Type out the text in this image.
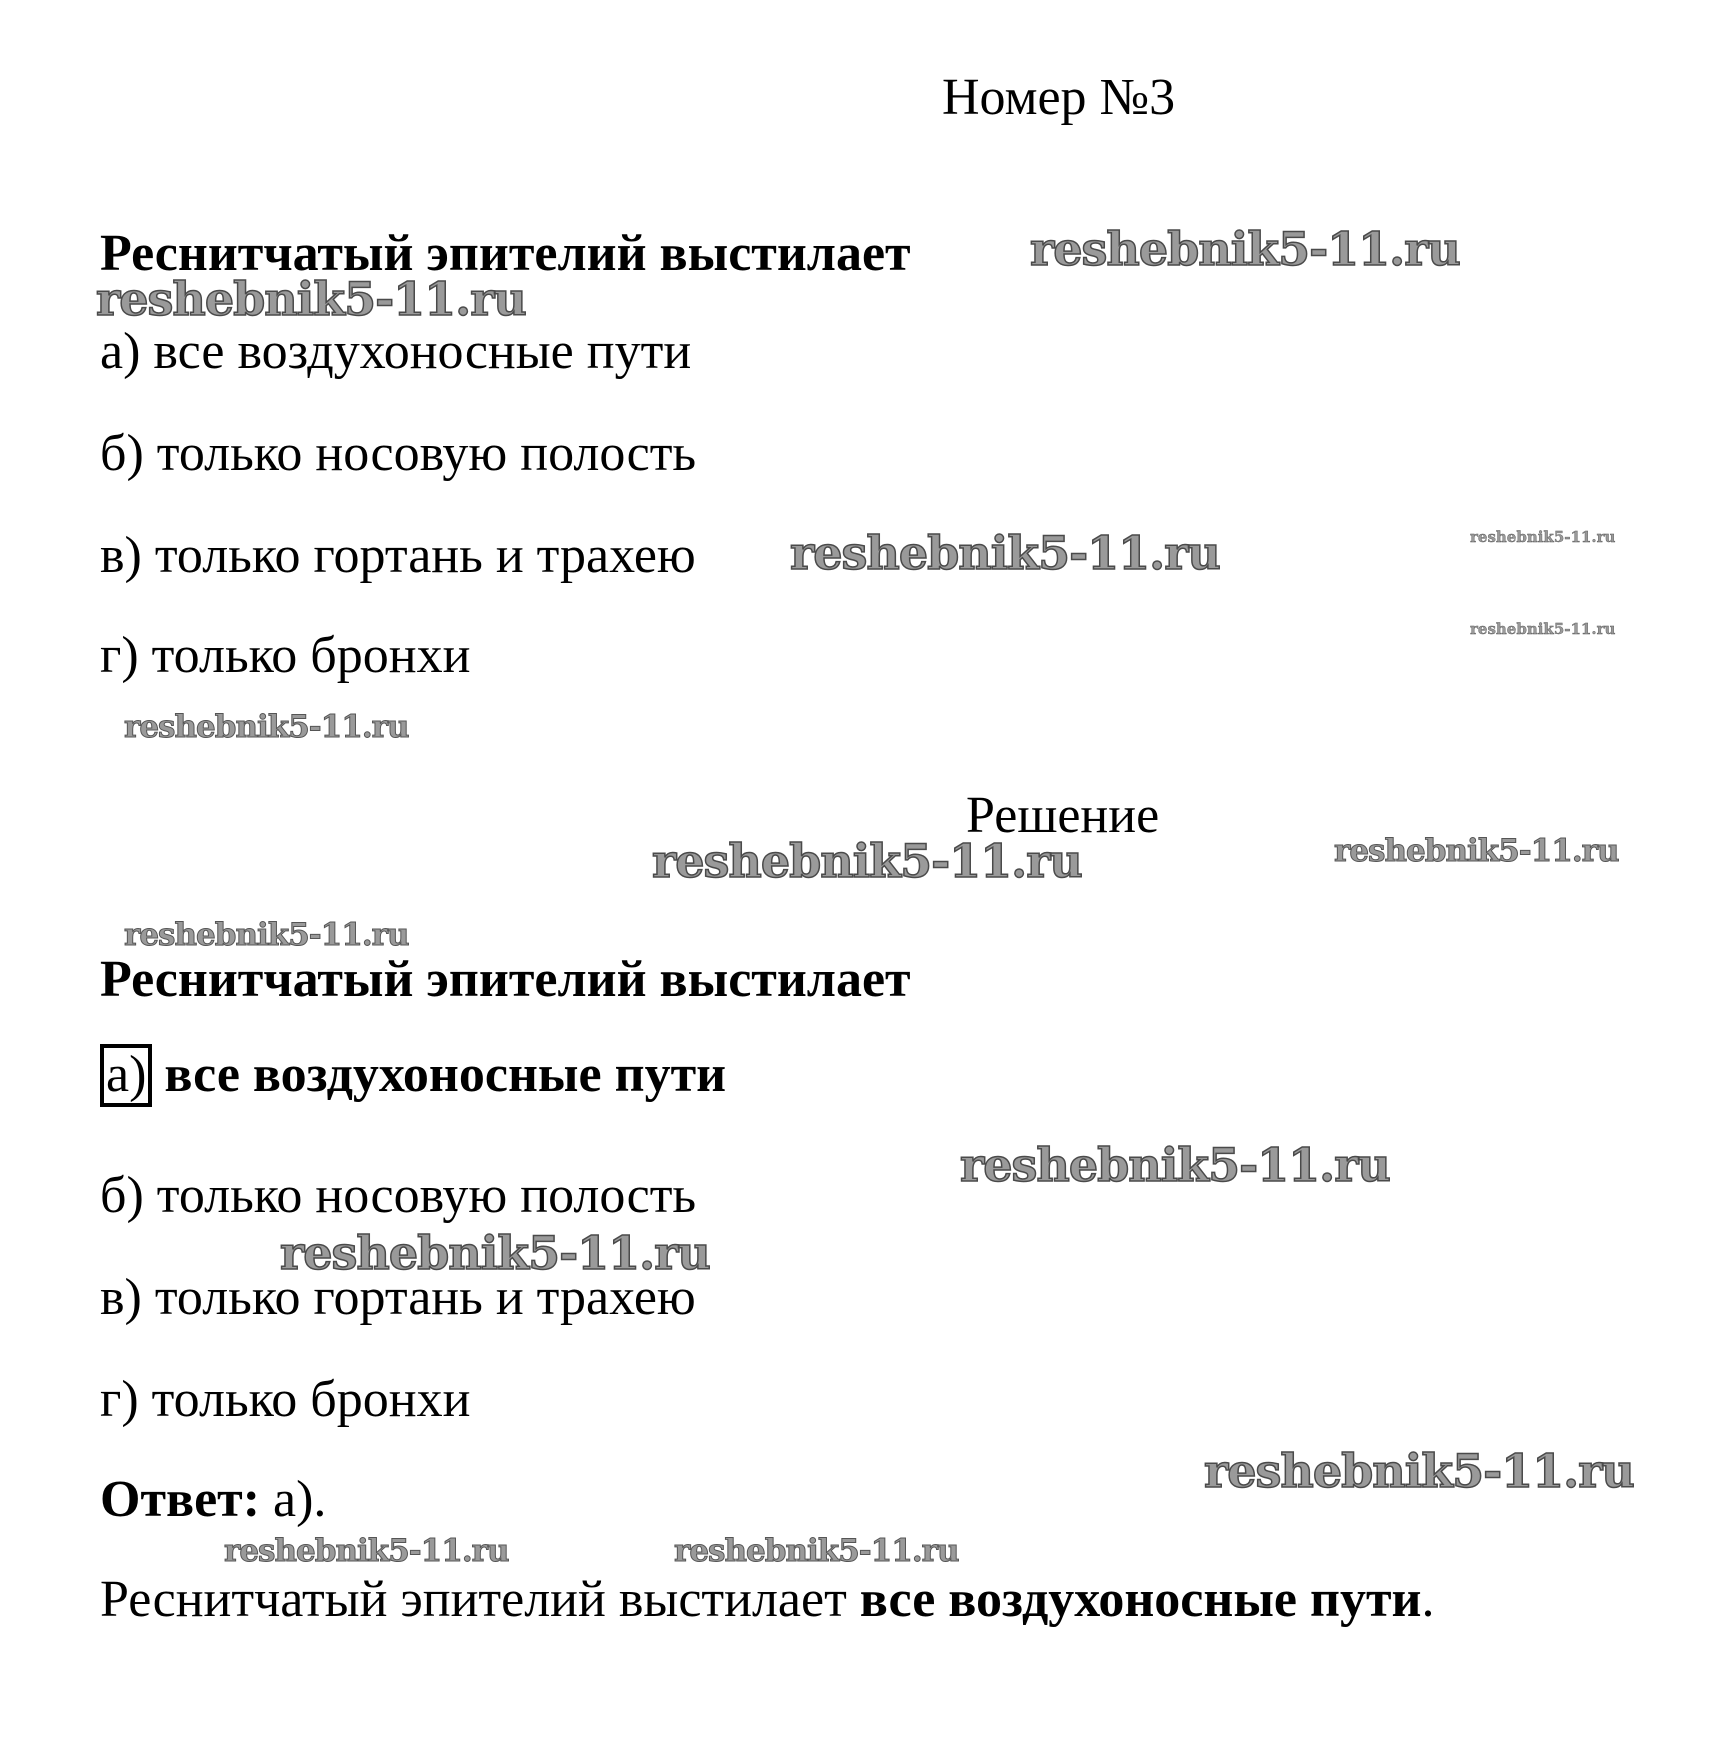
Номер №3
Реснитчатый эпителий выстилает
а) все воздухоносные пути
б) только носовую полость
в) только гортань и трахею
г) только бронхи
Решение
Реснитчатый эпителий выстилает
а) все воздухоносные пути
б) только носовую полость
в) только гортань и трахею
г) только бронхи
Ответ: а).
Реснитчатый эпителий выстилает все воздухоносные пути.
reshebnik5-11.ru
reshebnik5-11.ru
reshebnik5-11.ru	reshebnik5-11.ru
reshebnik5-11.ru
reshebnik5-11.ru
reshebnik5-11.ru	reshebnik5-11.ru
reshebnik5-11.ru
reshebnik5-11.ru
reshebnik5-11.ru
reshebnik5-11.ru
reshebnik5-11.ru	reshebnik5-11.ru
